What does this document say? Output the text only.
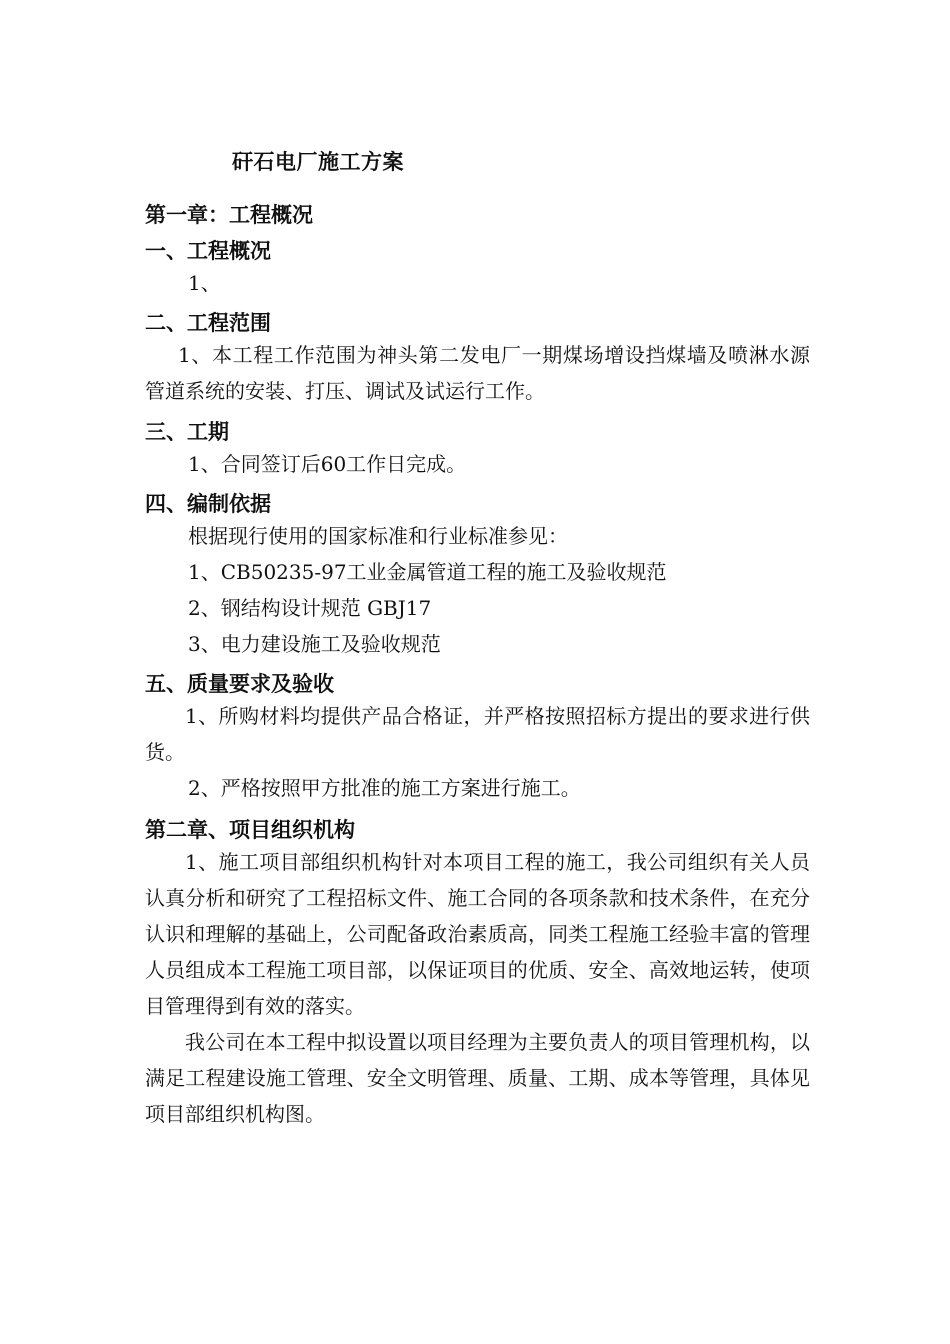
矸石电厂施工方案
第一章：工程概况
一、工程概况
1、
二、工程范围
1、本工程工作范围为神头第二发电厂一期煤场增设挡煤墙及喷淋水源管道系统的安装、打压、调试及试运行工作。
三、工期
1、合同签订后60工作日完成。
四、编制依据
根据现行使用的国家标准和行业标准参见：
1、CB50235-97工业金属管道工程的施工及验收规范
2、钢结构设计规范 GBJ17
3、电力建设施工及验收规范
五、质量要求及验收
1、所购材料均提供产品合格证，并严格按照招标方提出的要求进行供货。
2、严格按照甲方批准的施工方案进行施工。
第二章、项目组织机构
1、施工项目部组织机构针对本项目工程的施工，我公司组织有关人员认真分析和研究了工程招标文件、施工合同的各项条款和技术条件，在充分认识和理解的基础上，公司配备政治素质高，同类工程施工经验丰富的管理人员组成本工程施工项目部，以保证项目的优质、安全、高效地运转，使项目管理得到有效的落实。
我公司在本工程中拟设置以项目经理为主要负责人的项目管理机构，以满足工程建设施工管理、安全文明管理、质量、工期、成本等管理，具体见项目部组织机构图。
